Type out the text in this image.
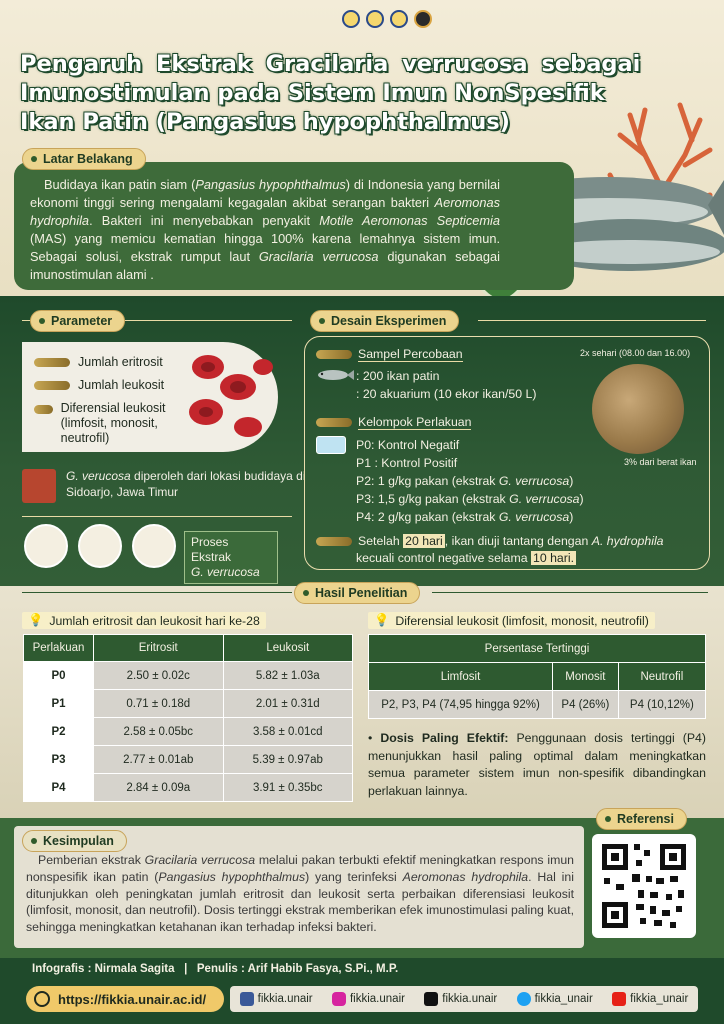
Pengaruh Ekstrak Gracilaria verrucosa sebagai
Imunostimulan pada Sistem Imun NonSpesifik
Ikan Patin (Pangasius hypophthalmus)
Latar Belakang
Budidaya ikan patin siam (Pangasius hypophthalmus) di Indonesia yang bernilai ekonomi tinggi sering mengalami kegagalan akibat serangan bakteri Aeromonas hydrophila. Bakteri ini menyebabkan penyakit Motile Aeromonas Septicemia (MAS) yang memicu kematian hingga 100% karena lemahnya sistem imun. Sebagai solusi, ekstrak rumput laut Gracilaria verrucosa digunakan sebagai imunostimulan alami .
Parameter
Jumlah eritrosit
Jumlah leukosit
Diferensial leukosit (limfosit, monosit, neutrofil)
G. verucosa diperoleh dari lokasi budidaya di Sidoarjo, Jawa Timur
Proses Ekstrak
G. verrucosa
Desain Eksperimen
Sampel Percobaan	2x sehari (08.00 dan 16.00)
: 200 ikan patin
: 20 akuarium (10 ekor ikan/50 L)
3% dari berat ikan
Kelompok Perlakuan
P0: Kontrol Negatif
P1 : Kontrol Positif
P2: 1 g/kg pakan (ekstrak G. verrucosa)
P3: 1,5 g/kg pakan (ekstrak G. verrucosa)
P4: 2 g/kg pakan (ekstrak G. verrucosa)
Setelah 20 hari , ikan diuji tantang dengan A. hydrophila
kecuali control negative selama 10 hari.
Hasil Penelitian
💡 Jumlah eritrosit dan leukosit hari ke-28
Perlakuan	Eritrosit	Leukosit
P0	2.50 ± 0.02c	5.82 ± 1.03a
P1	0.71 ± 0.18d	2.01 ± 0.31d
P2	2.58 ± 0.05bc	3.58 ± 0.01cd
P3	2.77 ± 0.01ab	5.39 ± 0.97ab
P4	2.84 ± 0.09a	3.91 ± 0.35bc
💡 Diferensial leukosit (limfosit, monosit, neutrofil)
Persentase Tertinggi		
Limfosit	Monosit	Neutrofil
P2, P3, P4 (74,95 hingga 92%)	P4 (26%)	P4 (10,12%)
• Dosis Paling Efektif: Penggunaan dosis tertinggi (P4) menunjukkan hasil paling optimal dalam meningkatkan semua parameter sistem imun non-spesifik dibandingkan perlakuan lainnya.
Kesimpulan
Pemberian ekstrak Gracilaria verrucosa melalui pakan terbukti efektif meningkatkan respons imun nonspesifik ikan patin (Pangasius hypophthalmus) yang terinfeksi Aeromonas hydrophila. Hal ini ditunjukkan oleh peningkatan jumlah eritrosit dan leukosit serta perbaikan diferensiasi leukosit (limfosit, monosit, dan neutrofil). Dosis tertinggi ekstrak memberikan efek imunostimulasi paling kuat, sehingga meningkatkan ketahanan ikan terhadap infeksi bakteri.
Referensi
Infografis : Nirmala Sagita   |   Penulis : Arif Habib Fasya, S.Pi., M.P.
https://fikkia.unair.ac.id/	fikkia.unair	fikkia.unair	fikkia.unair	fikkia_unair	fikkia_unair
